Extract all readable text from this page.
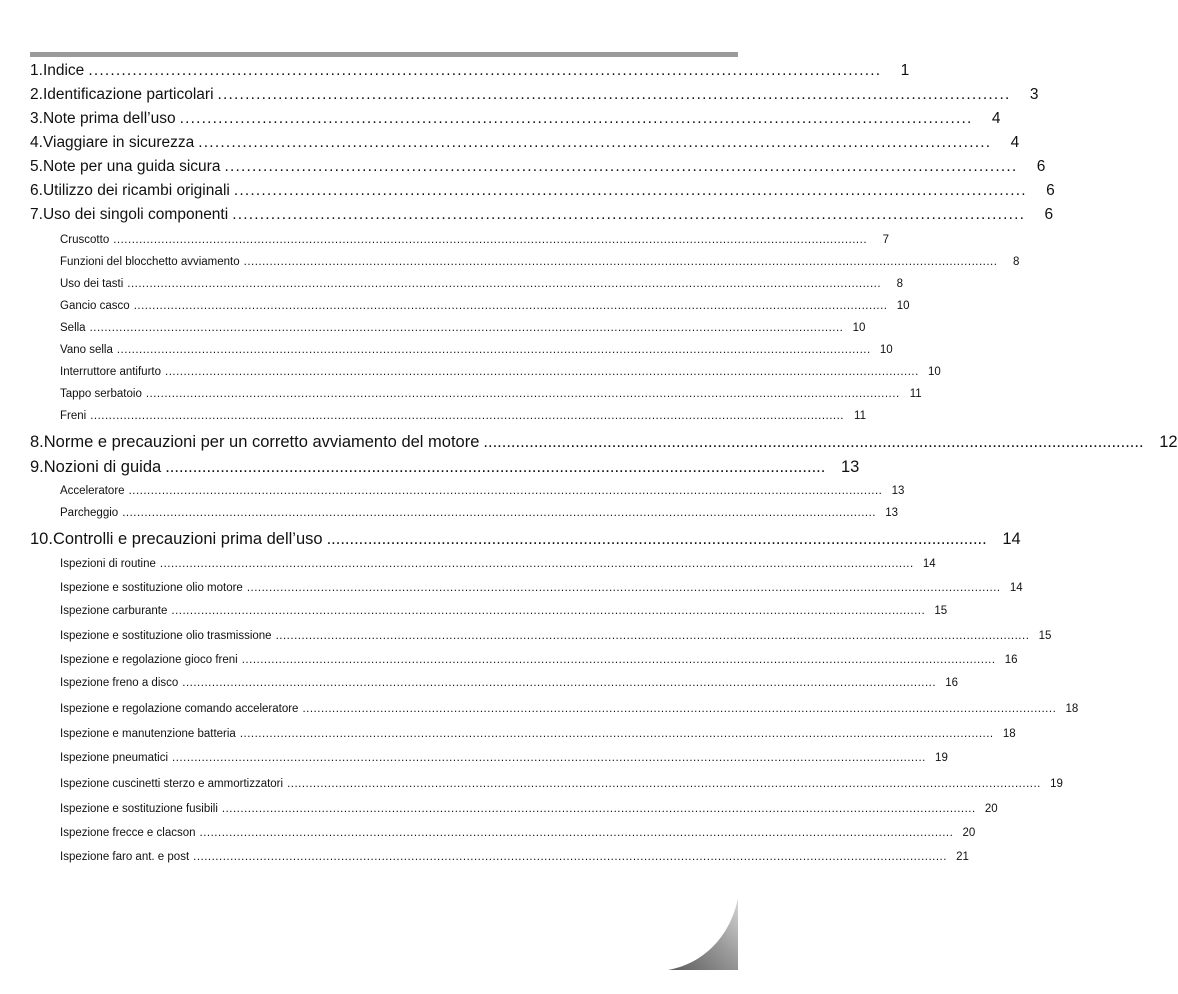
1. Indice ................................................................................................................................................	1
2. Identificazione particolari ................................................................................................................................................	3
3. Note prima dell’uso ................................................................................................................................................	4
4. Viaggiare in sicurezza ................................................................................................................................................	4
5. Note per una guida sicura ................................................................................................................................................	6
6. Utilizzo dei ricambi originali ................................................................................................................................................	6
7. Uso dei singoli componenti ................................................................................................................................................	6
Cruscotto ............................................................................................................................................................................................................	7
Funzioni del blocchetto avviamento ............................................................................................................................................................................................................	8
Uso dei tasti ............................................................................................................................................................................................................	8
Gancio casco ............................................................................................................................................................................................................ 10
Sella ............................................................................................................................................................................................................ 10
Vano sella ............................................................................................................................................................................................................ 10
Interruttore antifurto ............................................................................................................................................................................................................ 10
Tappo serbatoio ............................................................................................................................................................................................................ 11
Freni ............................................................................................................................................................................................................ 11
8. Norme e precauzioni per un corretto avviamento del motore ................................................................................................................................................ 12
9. Nozioni di guida ................................................................................................................................................ 13
Acceleratore ............................................................................................................................................................................................................ 13
Parcheggio ............................................................................................................................................................................................................ 13
10. Controlli e precauzioni prima dell’uso ................................................................................................................................................ 14
Ispezioni di routine ............................................................................................................................................................................................................ 14
Ispezione e sostituzione olio motore ............................................................................................................................................................................................................ 14
Ispezione carburante ............................................................................................................................................................................................................ 15
Ispezione e sostituzione olio trasmissione ............................................................................................................................................................................................................ 15
Ispezione e regolazione gioco freni ............................................................................................................................................................................................................ 16
Ispezione freno a disco ............................................................................................................................................................................................................ 16
Ispezione e regolazione comando acceleratore ............................................................................................................................................................................................................ 18
Ispezione e manutenzione batteria ............................................................................................................................................................................................................ 18
Ispezione pneumatici ............................................................................................................................................................................................................ 19
Ispezione cuscinetti sterzo e ammortizzatori ............................................................................................................................................................................................................ 19
Ispezione e sostituzione fusibili ............................................................................................................................................................................................................ 20
Ispezione frecce e clacson ............................................................................................................................................................................................................ 20
Ispezione faro ant. e post ............................................................................................................................................................................................................ 21
